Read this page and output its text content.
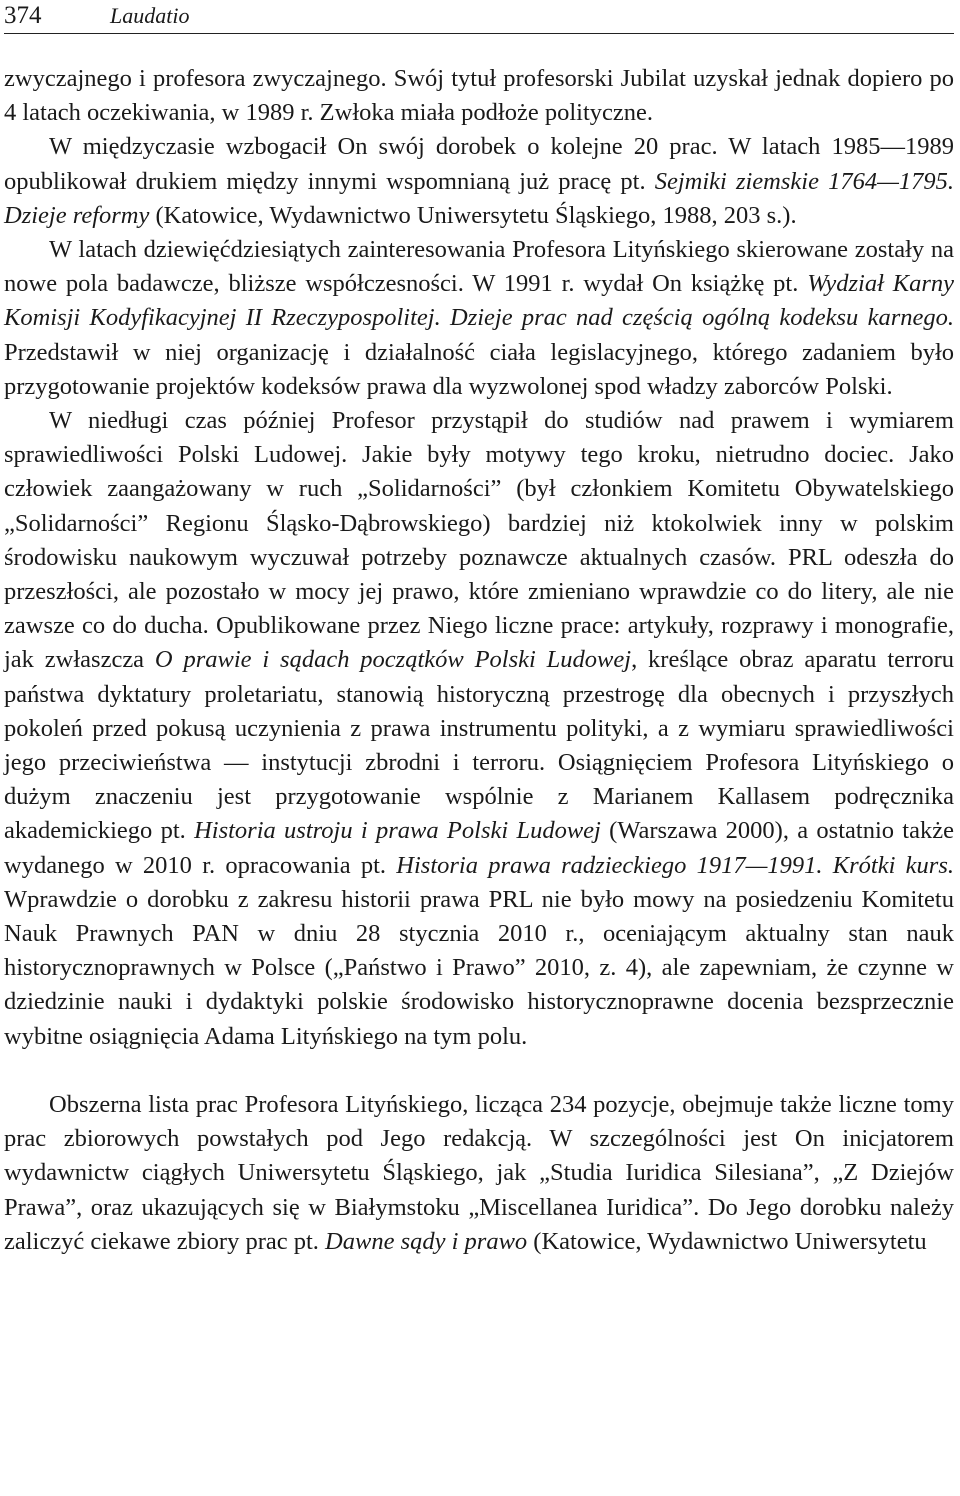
374	Laudatio

zwyczajnego i profesora zwyczajnego. Swój tytuł profesorski Jubilat uzyskał jednak dopiero po 4 latach oczekiwania, w 1989 r. Zwłoka miała podłoże polityczne.

W międzyczasie wzbogacił On swój dorobek o kolejne 20 prac. W latach 1985—1989 opublikował drukiem między innymi wspomnianą już pracę pt. Sejmiki ziemskie 1764—1795. Dzieje reformy (Katowice, Wydawnictwo Uniwersytetu Śląskiego, 1988, 203 s.).

W latach dziewięćdziesiątych zainteresowania Profesora Lityńskiego skierowane zostały na nowe pola badawcze, bliższe współczesności. W 1991 r. wydał On książkę pt. Wydział Karny Komisji Kodyfikacyjnej II Rzeczypospolitej. Dzieje prac nad częścią ogólną kodeksu karnego. Przedstawił w niej organizację i działalność ciała legislacyjnego, którego zadaniem było przygotowanie projektów kodeksów prawa dla wyzwolonej spod władzy zaborców Polski.

W niedługi czas później Profesor przystąpił do studiów nad prawem i wymiarem sprawiedliwości Polski Ludowej. Jakie były motywy tego kroku, nietrudno dociec. Jako człowiek zaangażowany w ruch „Solidarności” (był członkiem Komitetu Obywatelskiego „Solidarności” Regionu Śląsko-Dąbrowskiego) bardziej niż ktokolwiek inny w polskim środowisku naukowym wyczuwał potrzeby poznawcze aktualnych czasów. PRL odeszła do przeszłości, ale pozostało w mocy jej prawo, które zmieniano wprawdzie co do litery, ale nie zawsze co do ducha. Opublikowane przez Niego liczne prace: artykuły, rozprawy i monografie, jak zwłaszcza O prawie i sądach początków Polski Ludowej, kreślące obraz aparatu terroru państwa dyktatury proletariatu, stanowią historyczną przestrogę dla obecnych i przyszłych pokoleń przed pokusą uczynienia z prawa instrumentu polityki, a z wymiaru sprawiedliwości jego przeciwieństwa — instytucji zbrodni i terroru. Osiągnięciem Profesora Lityńskiego o dużym znaczeniu jest przygotowanie wspólnie z Marianem Kallasem podręcznika akademickiego pt. Historia ustroju i prawa Polski Ludowej (Warszawa 2000), a ostatnio także wydanego w 2010 r. opracowania pt. Historia prawa radzieckiego 1917—1991. Krótki kurs. Wprawdzie o dorobku z zakresu historii prawa PRL nie było mowy na posiedzeniu Komitetu Nauk Prawnych PAN w dniu 28 stycznia 2010 r., oceniającym aktualny stan nauk historycznoprawnych w Polsce („Państwo i Prawo” 2010, z. 4), ale zapewniam, że czynne w dziedzinie nauki i dydaktyki polskie środowisko historycznoprawne docenia bezsprzecznie wybitne osiągnięcia Adama Lityńskiego na tym polu.

Obszerna lista prac Profesora Lityńskiego, licząca 234 pozycje, obejmuje także liczne tomy prac zbiorowych powstałych pod Jego redakcją. W szczególności jest On inicjatorem wydawnictw ciągłych Uniwersytetu Śląskiego, jak „Studia Iuridica Silesiana”, „Z Dziejów Prawa”, oraz ukazujących się w Białymstoku „Miscellanea Iuridica”. Do Jego dorobku należy zaliczyć ciekawe zbiory prac pt. Dawne sądy i prawo (Katowice, Wydawnictwo Uniwersytetu
